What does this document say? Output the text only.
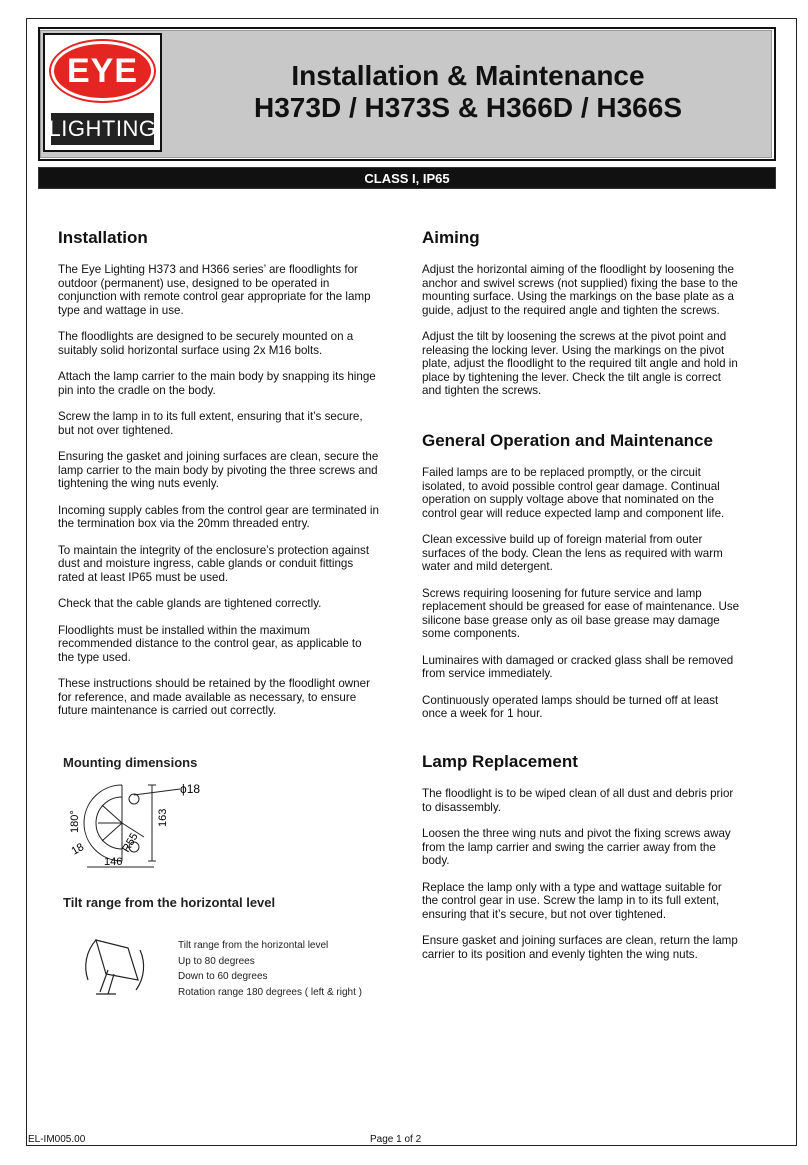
EYE
LIGHTING
Installation & Maintenance
H373D / H373S & H366D / H366S
CLASS I, IP65
Installation

The Eye Lighting H373 and H366 series’ are floodlights for outdoor (permanent) use, designed to be operated in conjunction with remote control gear appropriate for the lamp type and wattage in use.

The floodlights are designed to be securely mounted on a suitably solid horizontal surface using 2x M16 bolts.

Attach the lamp carrier to the main body by snapping its hinge pin into the cradle on the body.

Screw the lamp in to its full extent, ensuring that it’s secure, but not over tightened.

Ensuring the gasket and joining surfaces are clean, secure the lamp carrier to the main body by pivoting the three screws and tightening the wing nuts evenly.

Incoming supply cables from the control gear are terminated in the termination box via the 20mm threaded entry.

To maintain the integrity of the enclosure’s protection against dust and moisture ingress, cable glands or conduit fittings rated at least IP65 must be used.

Check that the cable glands are tightened correctly.

Floodlights must be installed within the maximum recommended distance to the control gear, as applicable to the type used.

These instructions should be retained by the floodlight owner for reference, and made available as necessary, to ensure future maintenance is carried out correctly.

Aiming

Adjust the horizontal aiming of the floodlight by loosening the anchor and swivel screws (not supplied) fixing the base to the mounting surface. Using the markings on the base plate as a guide, adjust to the required angle and tighten the screws.

Adjust the tilt by loosening the screws at the pivot point and releasing the locking lever. Using the markings on the pivot plate, adjust the floodlight to the required tilt angle and hold in place by tightening the lever. Check the tilt angle is correct and tighten the screws.

General Operation and Maintenance

Failed lamps are to be replaced promptly, or the circuit isolated, to avoid possible control gear damage. Continual operation on supply voltage above that nominated on the control gear will reduce expected lamp and component life.

Clean excessive build up of foreign material from outer surfaces of the body. Clean the lens as required with warm water and mild detergent.

Screws requiring loosening for future service and lamp replacement should be greased for ease of maintenance. Use silicone base grease only as oil base grease may damage some components.

Luminaires with damaged or cracked glass shall be removed from service immediately.

Continuously operated lamps should be turned off at least once a week for 1 hour.

Lamp Replacement

The floodlight is to be wiped clean of all dust and debris prior to disassembly.

Loosen the three wing nuts and pivot the fixing screws away from the lamp carrier and swing the carrier away from the body.

Replace the lamp only with a type and wattage suitable for the control gear in use. Screw the lamp in to its full extent, ensuring that it’s secure, but not over tightened.

Ensure gasket and joining surfaces are clean, return the lamp carrier to its position and evenly tighten the wing nuts.

Mounting dimensions
ϕ18
180°	163
R55
18
146
Tilt range from the horizontal level
Tilt range from the horizontal level
Up to 80 degrees
Down to 60 degrees
Rotation range 180 degrees ( left & right )
EL-IM005.00	Page 1 of 2
